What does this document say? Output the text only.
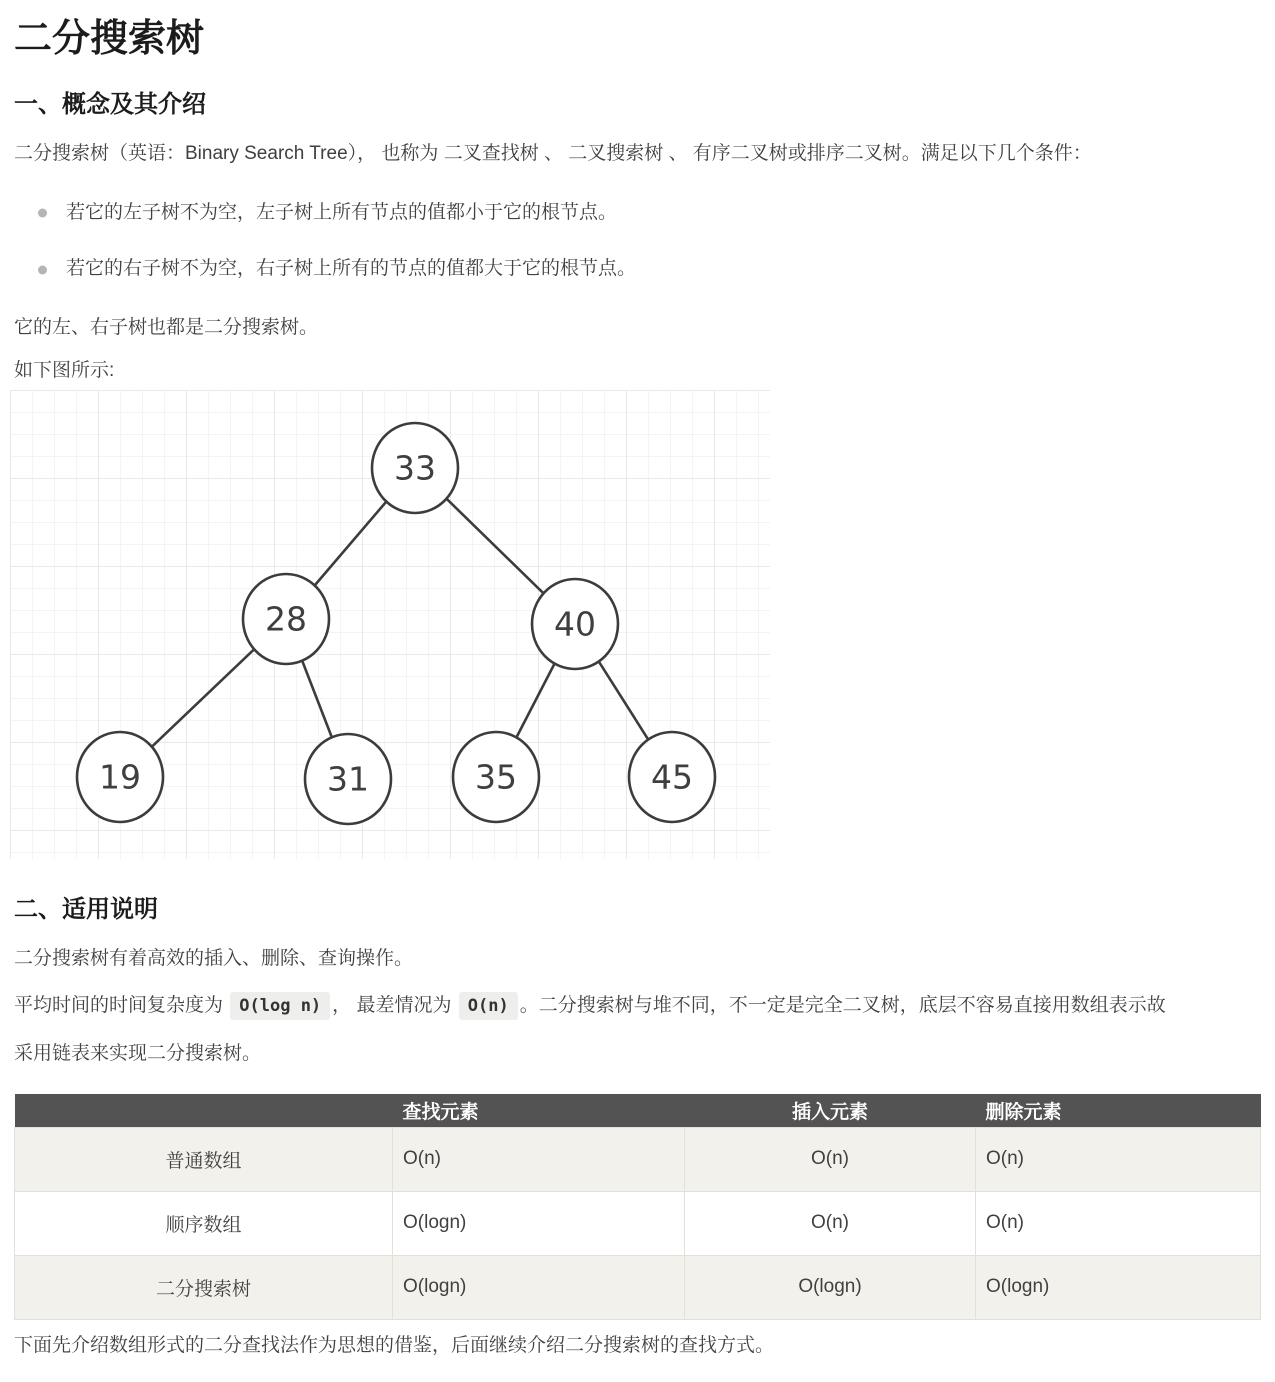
二分搜索树
一、概念及其介绍

二分搜索树（英语：Binary Search Tree）， 也称为 二叉查找树 、 二叉搜索树 、 有序二叉树或排序二叉树。满足以下几个条件：

若它的左子树不为空，左子树上所有节点的值都小于它的根节点。
若它的右子树不为空，右子树上所有的节点的值都大于它的根节点。

它的左、右子树也都是二分搜索树。

如下图所示:

33
28	40
19	31	35	45
二、适用说明

二分搜索树有着高效的插入、删除、查询操作。

平均时间的时间复杂度为 O(log n) ， 最差情况为 O(n) 。二分搜索树与堆不同，不一定是完全二叉树，底层不容易直接用数组表示故
采用链表来实现二分搜索树。

	查找元素	插入元素	删除元素
普通数组	O(n)	O(n)	O(n)
顺序数组	O(logn)	O(n)	O(n)
二分搜索树	O(logn)	O(logn)	O(logn)

下面先介绍数组形式的二分查找法作为思想的借鉴，后面继续介绍二分搜索树的查找方式。
